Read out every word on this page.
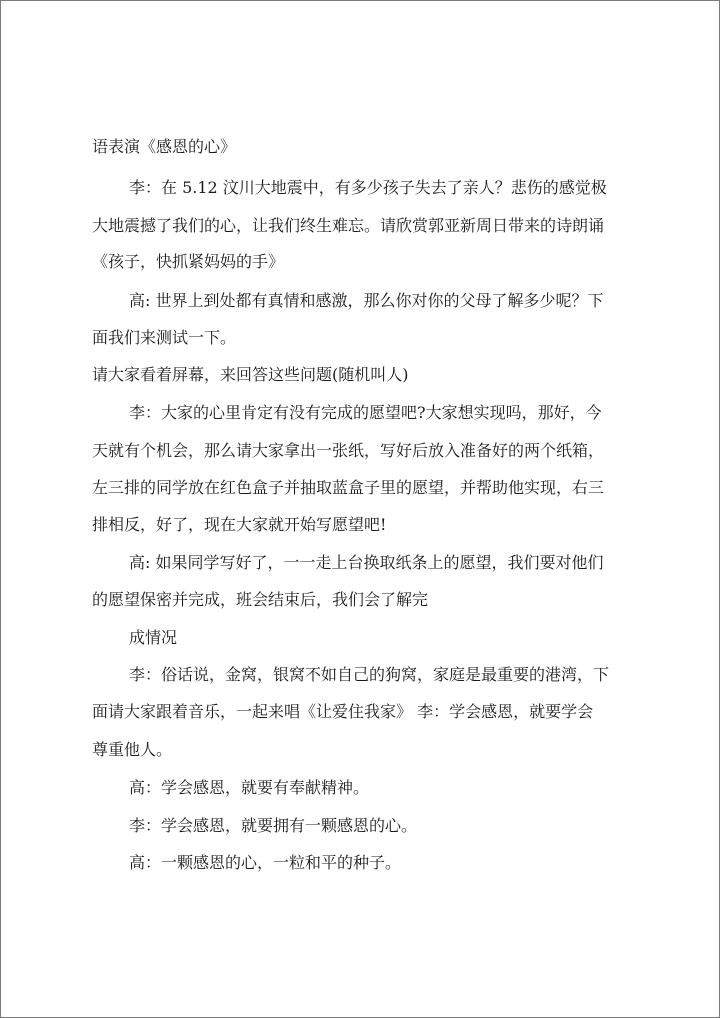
语表演《感恩的心》
李：在 5.12 汶川大地震中，有多少孩子失去了亲人？悲伤的感觉极
大地震撼了我们的心，让我们终生难忘。请欣赏郭亚新周日带来的诗朗诵
《孩子，快抓紧妈妈的手》
高: 世界上到处都有真情和感激，那么你对你的父母了解多少呢？下
面我们来测试一下。
请大家看着屏幕，来回答这些问题(随机叫人)
李：大家的心里肯定有没有完成的愿望吧?大家想实现吗，那好，今
天就有个机会，那么请大家拿出一张纸，写好后放入准备好的两个纸箱，
左三排的同学放在红色盒子并抽取蓝盒子里的愿望，并帮助他实现，右三
排相反，好了，现在大家就开始写愿望吧!
高: 如果同学写好了，一一走上台换取纸条上的愿望，我们要对他们
的愿望保密并完成，班会结束后，我们会了解完
成情况
李：俗话说，金窝，银窝不如自己的狗窝，家庭是最重要的港湾，下
面请大家跟着音乐，一起来唱《让爱住我家》 李：学会感恩，就要学会
尊重他人。
高：学会感恩，就要有奉献精神。
李：学会感恩，就要拥有一颗感恩的心。
高：一颗感恩的心，一粒和平的种子。
